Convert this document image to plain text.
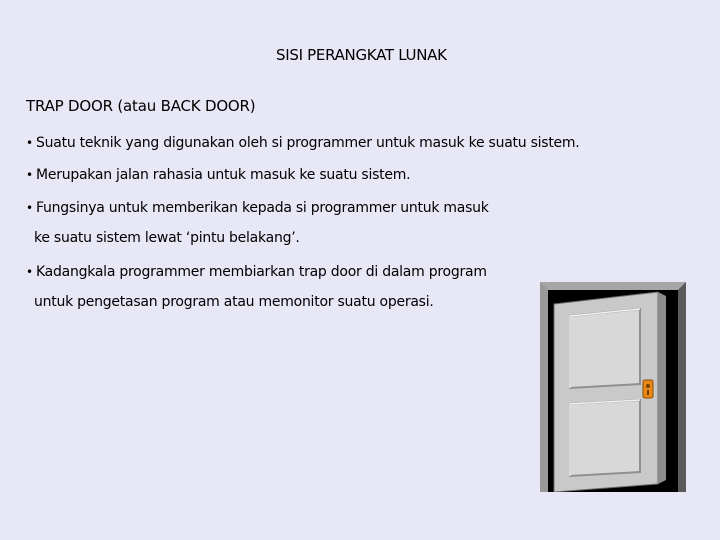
SISI PERANGKAT LUNAK
TRAP DOOR (atau BACK DOOR)
• Suatu teknik yang digunakan oleh si programmer untuk masuk ke suatu sistem.
• Merupakan jalan rahasia untuk masuk ke suatu sistem.
• Fungsinya untuk memberikan kepada si programmer untuk masuk
ke suatu sistem lewat ‘pintu belakang’.
• Kadangkala programmer membiarkan trap door di dalam program
untuk pengetasan program atau memonitor suatu operasi.
